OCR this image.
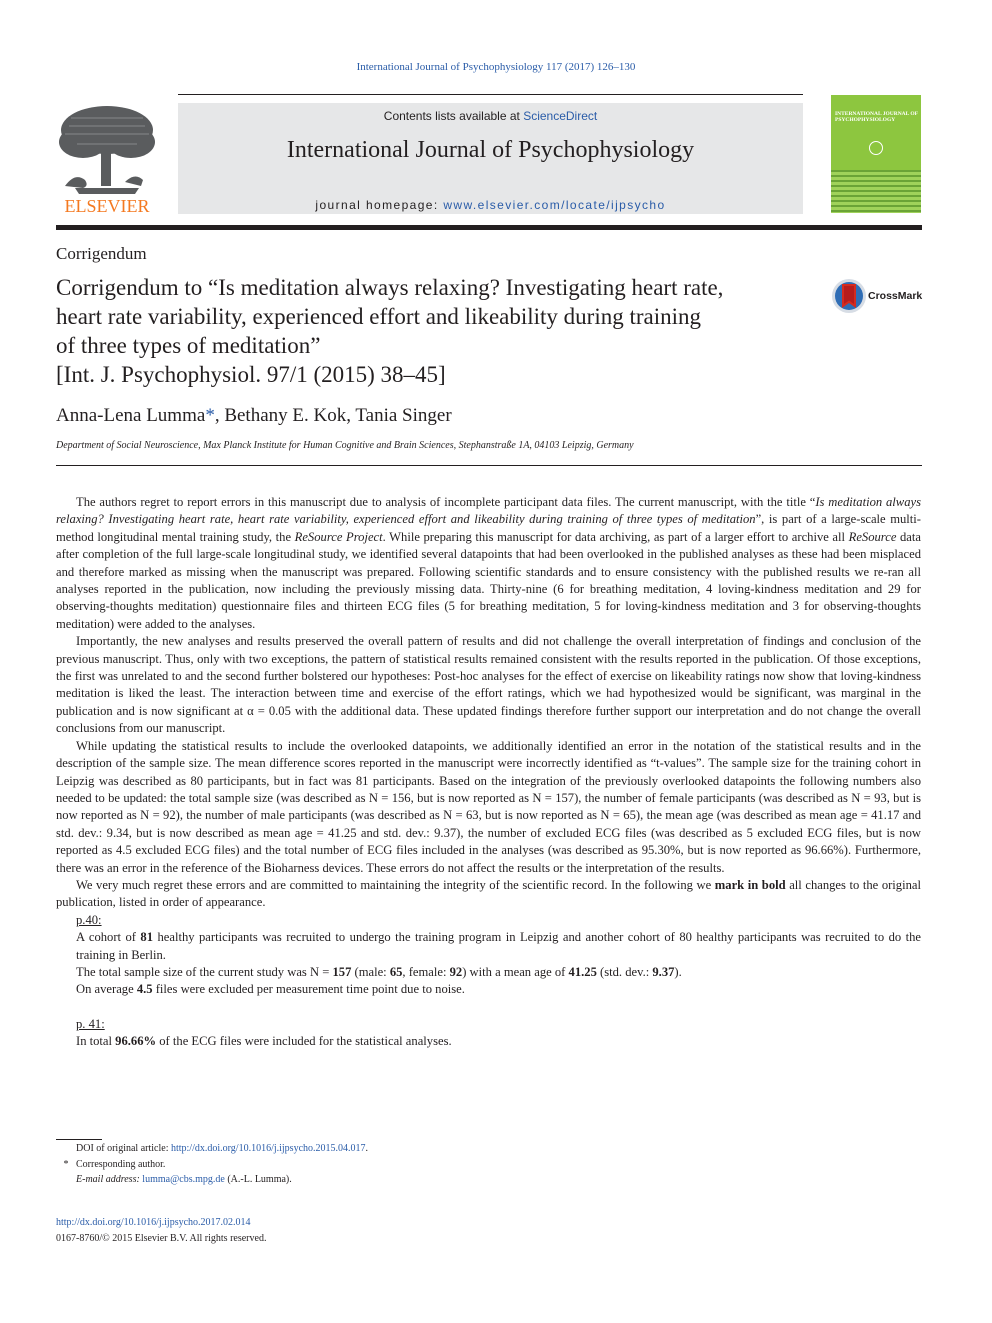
International Journal of Psychophysiology 117 (2017) 126–130
ELSEVIER
Contents lists available at ScienceDirect
International Journal of Psychophysiology
journal homepage: www.elsevier.com/locate/ijpsycho
INTERNATIONAL JOURNAL OF PSYCHOPHYSIOLOGY
Corrigendum
Corrigendum to “Is meditation always relaxing? Investigating heart rate,
heart rate variability, experienced effort and likeability during training
of three types of meditation”
[Int. J. Psychophysiol. 97/1 (2015) 38–45]
CrossMark
Anna-Lena Lumma*, Bethany E. Kok, Tania Singer
Department of Social Neuroscience, Max Planck Institute for Human Cognitive and Brain Sciences, Stephanstraße 1A, 04103 Leipzig, Germany

The authors regret to report errors in this manuscript due to analysis of incomplete participant data files. The current manuscript, with the title “Is meditation always relaxing? Investigating heart rate, heart rate variability, experienced effort and likeability during training of three types of meditation”, is part of a large-scale multi-method longitudinal mental training study, the ReSource Project. While preparing this manuscript for data archiving, as part of a larger effort to archive all ReSource data after completion of the full large-scale longitudinal study, we identified several datapoints that had been overlooked in the published analyses as these had been misplaced and therefore marked as missing when the manuscript was prepared. Following scientific standards and to ensure consistency with the published results we re-ran all analyses reported in the publication, now including the previously missing data. Thirty-nine (6 for breathing meditation, 4 loving-kindness meditation and 29 for observing-thoughts meditation) questionnaire files and thirteen ECG files (5 for breathing meditation, 5 for loving-kindness meditation and 3 for observing-thoughts meditation) were added to the analyses.

Importantly, the new analyses and results preserved the overall pattern of results and did not challenge the overall interpretation of findings and conclusion of the previous manuscript. Thus, only with two exceptions, the pattern of statistical results remained consistent with the results reported in the publication. Of those exceptions, the first was unrelated to and the second further bolstered our hypotheses: Post-hoc analyses for the effect of exercise on likeability ratings now show that loving-kindness meditation is liked the least. The interaction between time and exercise of the effort ratings, which we had hypothesized would be significant, was marginal in the publication and is now significant at α = 0.05 with the additional data. These updated findings therefore further support our interpretation and do not change the overall conclusions from our manuscript.

While updating the statistical results to include the overlooked datapoints, we additionally identified an error in the notation of the statistical results and in the description of the sample size. The mean difference scores reported in the manuscript were incorrectly identified as “t-values”. The sample size for the training cohort in Leipzig was described as 80 participants, but in fact was 81 participants. Based on the integration of the previously overlooked datapoints the following numbers also needed to be updated: the total sample size (was described as N = 156, but is now reported as N = 157), the number of female participants (was described as N = 93, but is now reported as N = 92), the number of male participants (was described as N = 63, but is now reported as N = 65), the mean age (was described as mean age = 41.17 and std. dev.: 9.34, but is now described as mean age = 41.25 and std. dev.: 9.37), the number of excluded ECG files (was described as 5 excluded ECG files, but is now reported as 4.5 excluded ECG files) and the total number of ECG files included in the analyses (was described as 95.30%, but is now reported as 96.66%). Furthermore, there was an error in the reference of the Bioharness devices. These errors do not affect the results or the interpretation of the results.

We very much regret these errors and are committed to maintaining the integrity of the scientific record. In the following we mark in bold all changes to the original publication, listed in order of appearance.

p.40:

A cohort of 81 healthy participants was recruited to undergo the training program in Leipzig and another cohort of 80 healthy participants was recruited to do the training in Berlin.

The total sample size of the current study was N = 157 (male: 65, female: 92) with a mean age of 41.25 (std. dev.: 9.37).

On average 4.5 files were excluded per measurement time point due to noise.

p. 41:

In total 96.66% of the ECG files were included for the statistical analyses.

DOI of original article: http://dx.doi.org/10.1016/j.ijpsycho.2015.04.017.
* Corresponding author.
E-mail address: lumma@cbs.mpg.de (A.-L. Lumma).
http://dx.doi.org/10.1016/j.ijpsycho.2017.02.014
0167-8760/© 2015 Elsevier B.V. All rights reserved.
